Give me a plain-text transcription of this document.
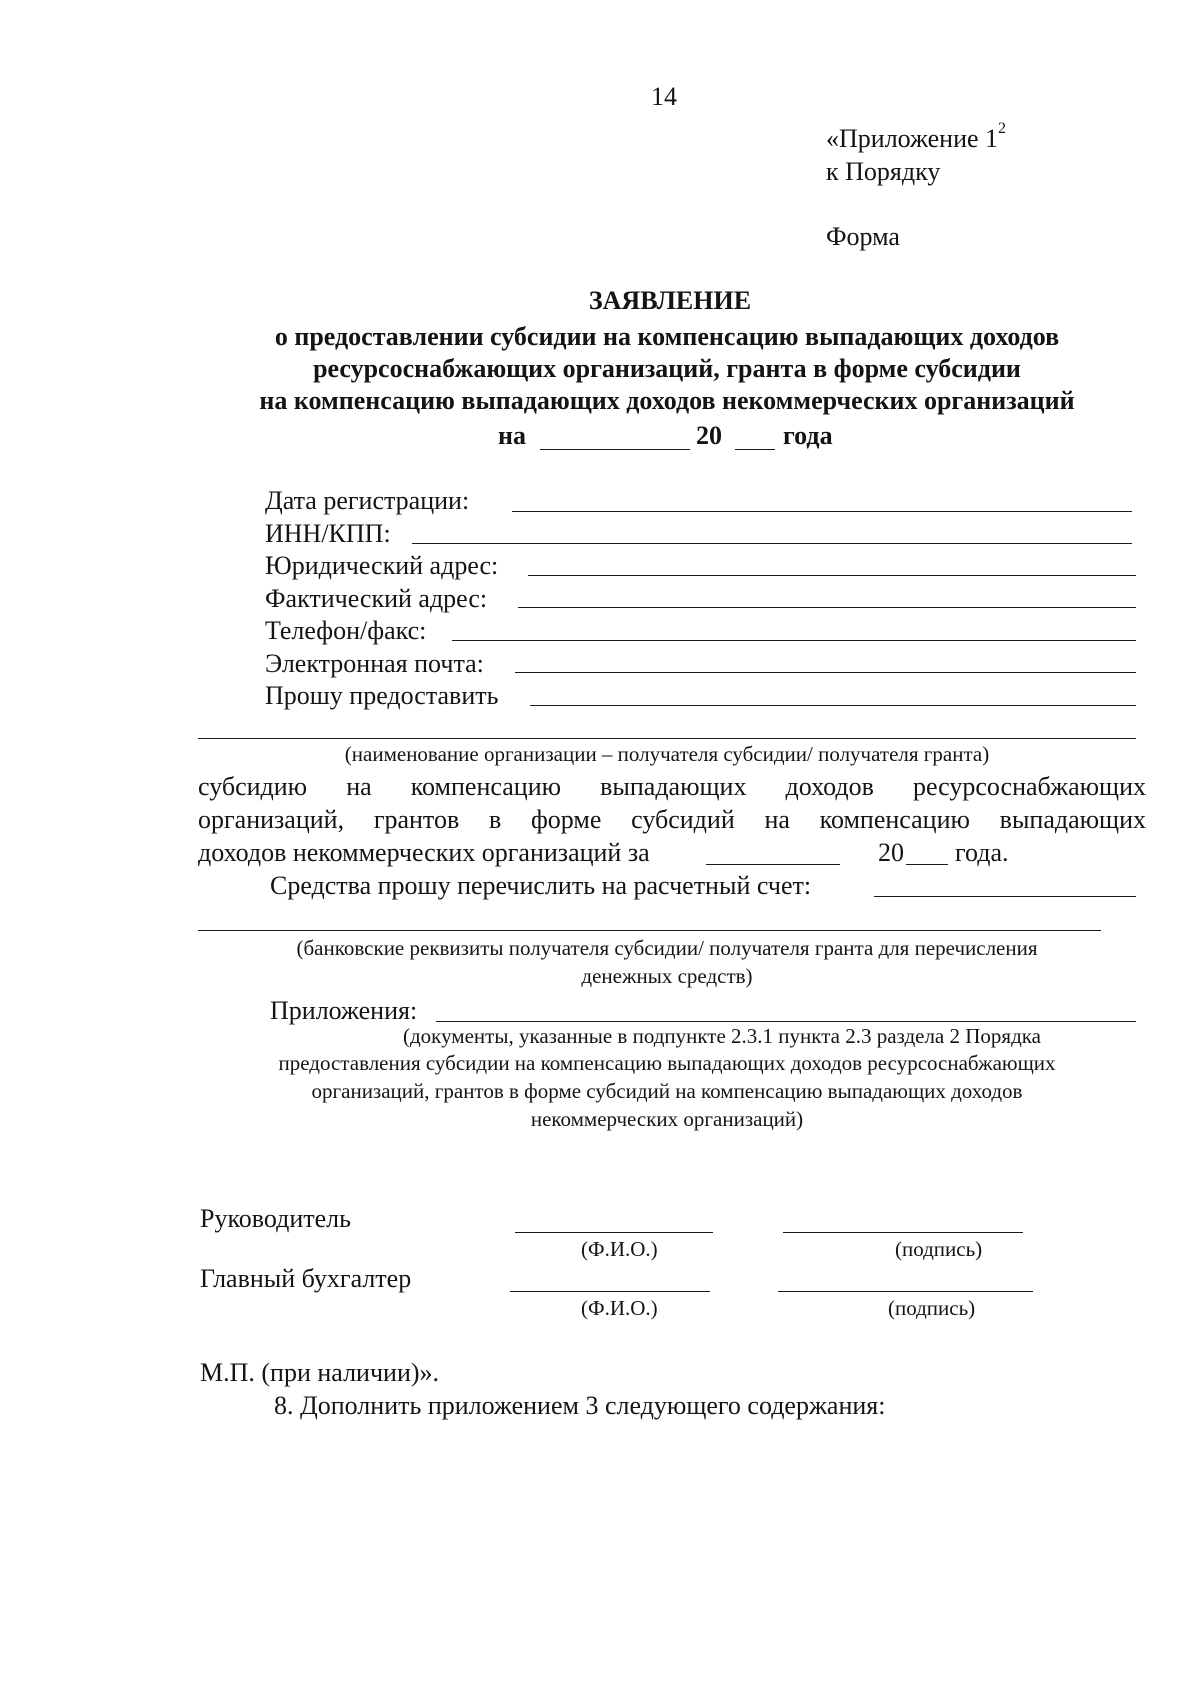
14
«Приложение $1^2$
к Порядку
Форма
ЗАЯВЛЕНИЕ
о предоставлении субсидии на компенсацию выпадающих доходов
ресурсоснабжающих организаций, гранта в форме субсидии
на компенсацию выпадающих доходов некоммерческих организаций
на	20 года
Дата регистрации:
ИНН/КПП:
Юридический адрес:
Фактический адрес:
Телефон/факс:
Электронная почта:
Прошу предоставить
(наименование организации – получателя субсидии/ получателя гранта)
субсидию на компенсацию выпадающих доходов ресурсоснабжающих
организаций, грантов в форме субсидий на компенсацию выпадающих
доходов некоммерческих организаций за	20 года.
Средства прошу перечислить на расчетный счет:
(банковские реквизиты получателя субсидии/ получателя гранта для перечисления
денежных средств)
Приложения:
(документы, указанные в подпункте 2.3.1 пункта 2.3 раздела 2 Порядка
предоставления субсидии на компенсацию выпадающих доходов ресурсоснабжающих
организаций, грантов в форме субсидий на компенсацию выпадающих доходов
некоммерческих организаций)
Руководитель
(Ф.И.О.)	(подпись)
Главный бухгалтер
(Ф.И.О.)	(подпись)
М.П. (при наличии)».
8. Дополнить приложением 3 следующего содержания:
